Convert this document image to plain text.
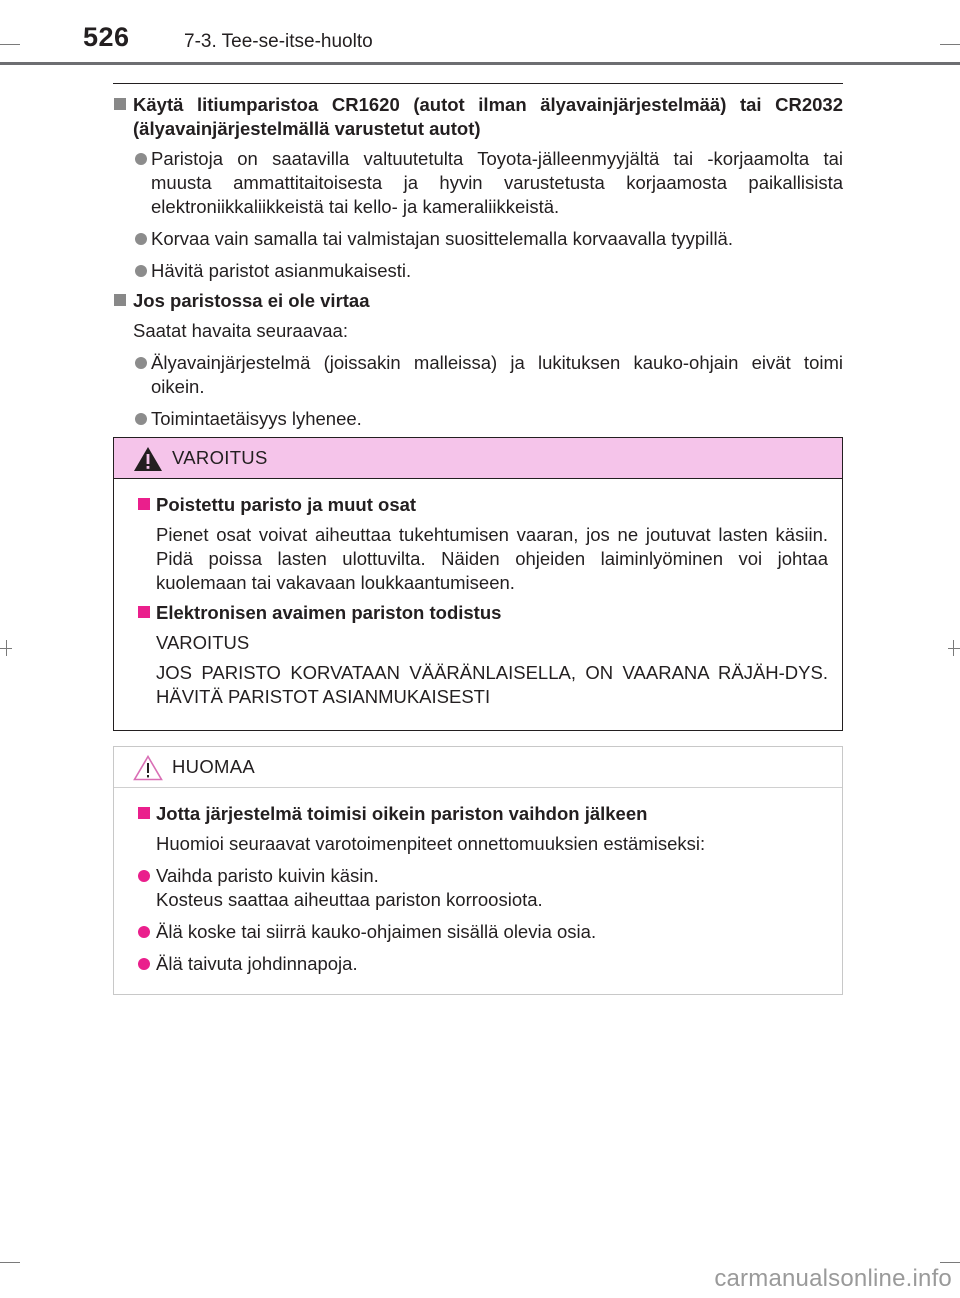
526	7-3. Tee-se-itse-huolto
Käytä litiumparistoa CR1620 (autot ilman älyavainjärjestelmää) tai CR2032 (älyavainjärjestelmällä varustetut autot)
Paristoja on saatavilla valtuutetulta Toyota-jälleenmyyjältä tai -korjaamolta tai muusta ammattitaitoisesta ja hyvin varustetusta korjaamosta paikallisista elektroniikkaliikkeistä tai kello- ja kameraliikkeistä.
Korvaa vain samalla tai valmistajan suosittelemalla korvaavalla tyypillä.
Hävitä paristot asianmukaisesti.
Jos paristossa ei ole virtaa
Saatat havaita seuraavaa:
Älyavainjärjestelmä (joissakin malleissa) ja lukituksen kauko-ohjain eivät toimi oikein.
Toimintaetäisyys lyhenee.
VAROITUS
Poistettu paristo ja muut osat
Pienet osat voivat aiheuttaa tukehtumisen vaaran, jos ne joutuvat lasten käsiin. Pidä poissa lasten ulottuvilta. Näiden ohjeiden laiminlyöminen voi johtaa kuolemaan tai vakavaan loukkaantumiseen.
Elektronisen avaimen pariston todistus
VAROITUS
JOS PARISTO KORVATAAN VÄÄRÄNLAISELLA, ON VAARANA RÄJÄH-DYS. HÄVITÄ PARISTOT ASIANMUKAISESTI
HUOMAA
Jotta järjestelmä toimisi oikein pariston vaihdon jälkeen
Huomioi seuraavat varotoimenpiteet onnettomuuksien estämiseksi:
Vaihda paristo kuivin käsin.
Kosteus saattaa aiheuttaa pariston korroosiota.
Älä koske tai siirrä kauko-ohjaimen sisällä olevia osia.
Älä taivuta johdinnapoja.
carmanualsonline.info
